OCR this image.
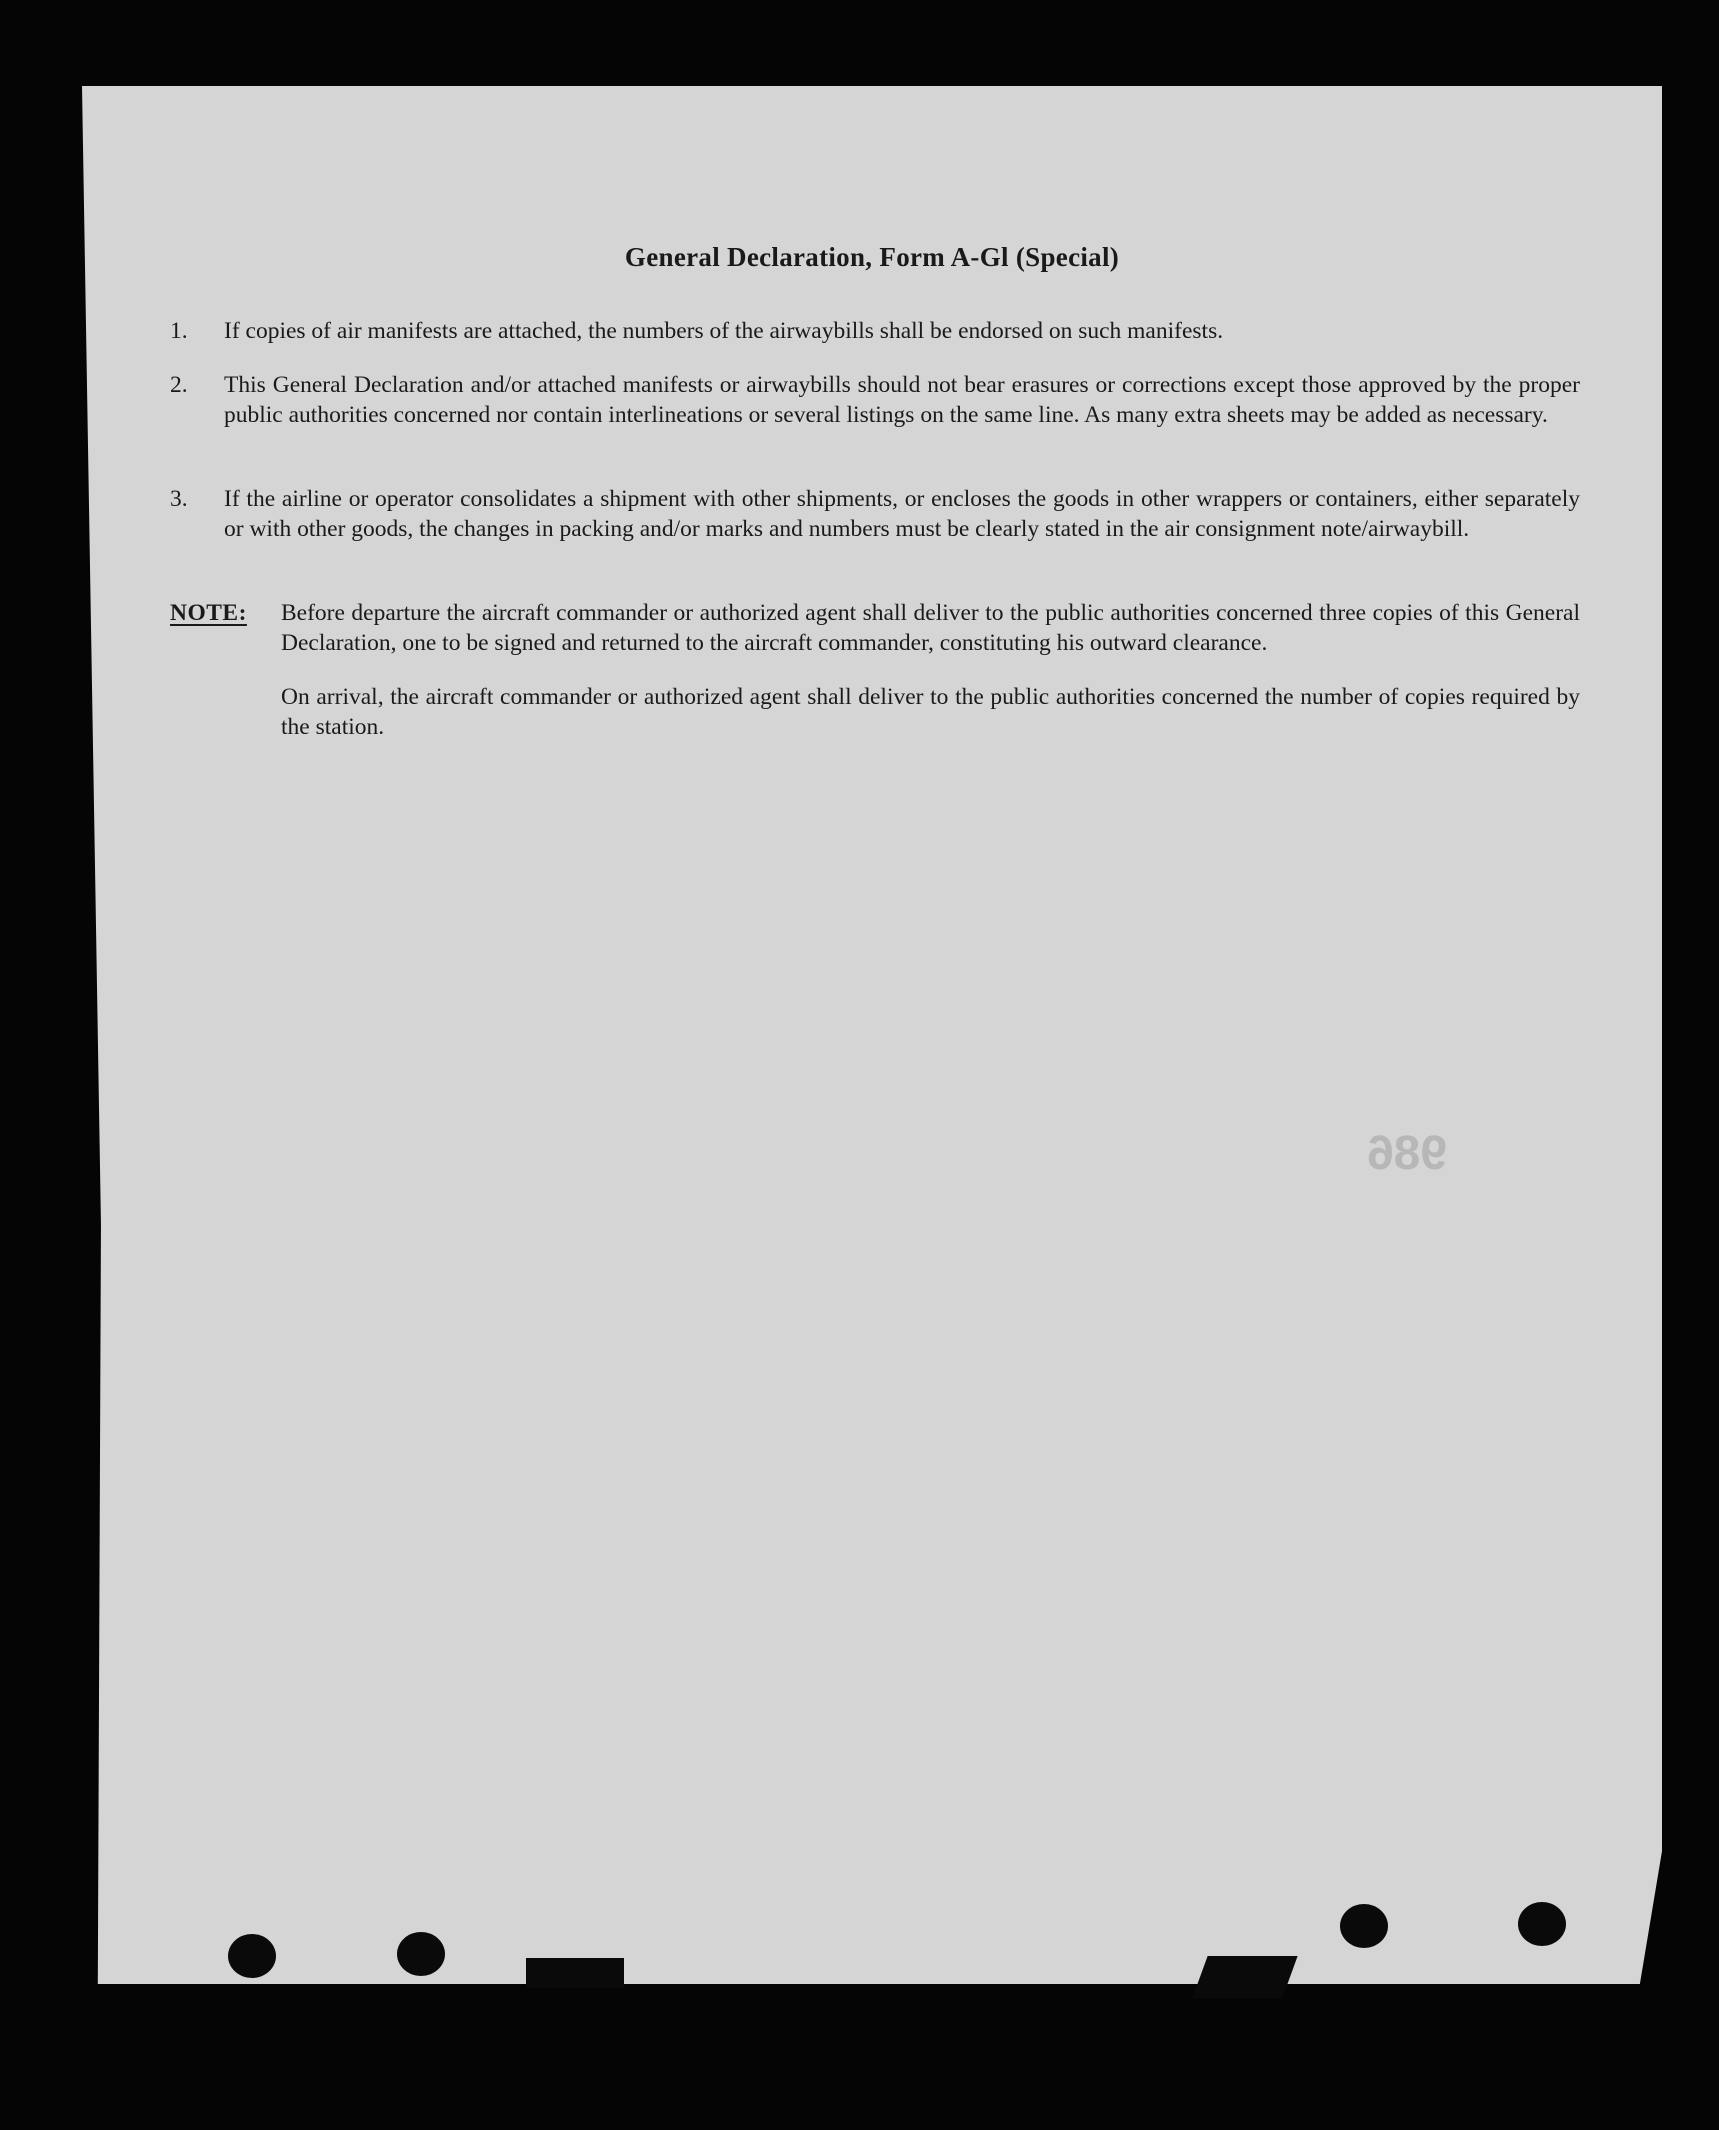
General Declaration, Form A-Gl (Special)
1.	If copies of air manifests are attached, the numbers of the airwaybills shall be endorsed on such manifests.
2.	This General Declaration and/or attached manifests or airwaybills should not bear erasures or corrections except those approved by the proper public authorities concerned nor contain interlineations or several listings on the same line. As many extra sheets may be added as necessary.
3.	If the airline or operator consolidates a shipment with other shipments, or encloses the goods in other wrappers or containers, either separately or with other goods, the changes in packing and/or marks and numbers must be clearly stated in the air consignment note/airwaybill.
NOTE: Before departure the aircraft commander or authorized agent shall deliver to the public authorities concerned three copies of this General Declaration, one to be signed and returned to the aircraft commander, constituting his outward clearance.
On arrival, the aircraft commander or authorized agent shall deliver to the public authorities concerned the number of copies required by the station.
986
